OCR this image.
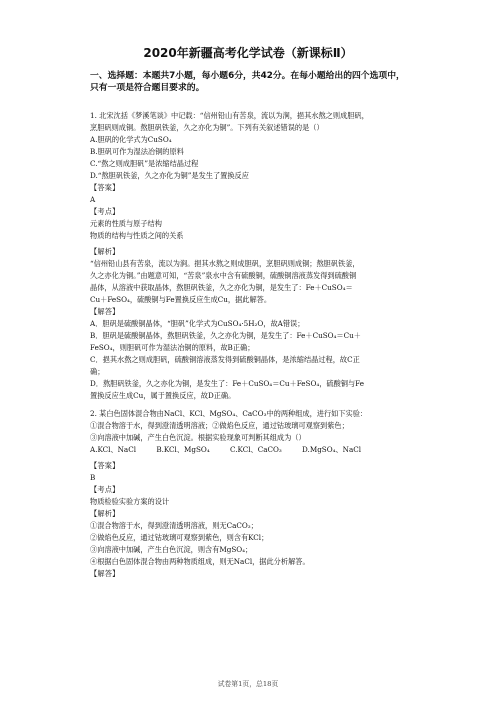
2020年新疆高考化学试卷（新课标Ⅱ）
一、选择题：本题共7小题，每小题6分，共42分。在每小题给出的四个选项中，
只有一项是符合题目要求的。

1. 北宋沈括《梦溪笔谈》中记载：“信州铅山有苦泉，流以为涧，挹其水熬之则成胆矾，

烹胆矾则成铜。熬胆矾铁釜，久之亦化为铜”。下列有关叙述错误的是（）

A.胆矾的化学式为CuSO₄

B.胆矾可作为湿法冶铜的原料

C.“熬之则成胆矾”是浓缩结晶过程

D.“熬胆矾铁釜，久之亦化为铜”是发生了置换反应

【答案】

A

【考点】

元素的性质与原子结构

物质的结构与性质之间的关系

【解析】

“信州铅山县有苦泉，流以为涧。挹其水熬之则成胆矾，烹胆矾则成铜；熬胆矾铁釜，

久之亦化为铜。”由题意可知，“苦泉”泉水中含有硫酸铜，硫酸铜溶液蒸发得到硫酸铜

晶体，从溶液中获取晶体，熬胆矾铁釜，久之亦化为铜，是发生了：Fe＋CuSO₄＝

Cu＋FeSO₄，硫酸铜与Fe置换反应生成Cu，据此解答。

【解答】

A．胆矾是硫酸铜晶体，“胆矾”化学式为CuSO₄·5H₂O，故A错误；

B．胆矾是硫酸铜晶体，熬胆矾铁釜，久之亦化为铜，是发生了：Fe＋CuSO₄＝Cu＋

FeSO₄，则胆矾可作为湿法冶铜的原料，故B正确；

C．挹其水熬之则成胆矾，硫酸铜溶液蒸发得到硫酸铜晶体，是浓缩结晶过程，故C正

确；

D．熬胆矾铁釜，久之亦化为铜，是发生了：Fe＋CuSO₄＝Cu＋FeSO₄，硫酸铜与Fe

置换反应生成Cu，属于置换反应，故D正确。

2. 某白色固体混合物由NaCl、KCl、MgSO₄、CaCO₃中的两种组成，进行如下实验：

①混合物溶于水，得到澄清透明溶液；②做焰色反应，通过钴玻璃可观察到紫色；

③向溶液中加碱，产生白色沉淀。根据实验现象可判断其组成为（）

A.KCl、NaCl	B.KCl、MgSO₄	C.KCl、CaCO₃	D.MgSO₄、NaCl

【答案】

B

【考点】

物质检验实验方案的设计

【解析】

①混合物溶于水，得到澄清透明溶液，则无CaCO₃；

②做焰色反应，通过钴玻璃可观察到紫色，则含有KCl；

③向溶液中加碱，产生白色沉淀，则含有MgSO₄；

④根据白色固体混合物由两种物质组成，则无NaCl，据此分析解答。

【解答】

试卷第1页，总18页
